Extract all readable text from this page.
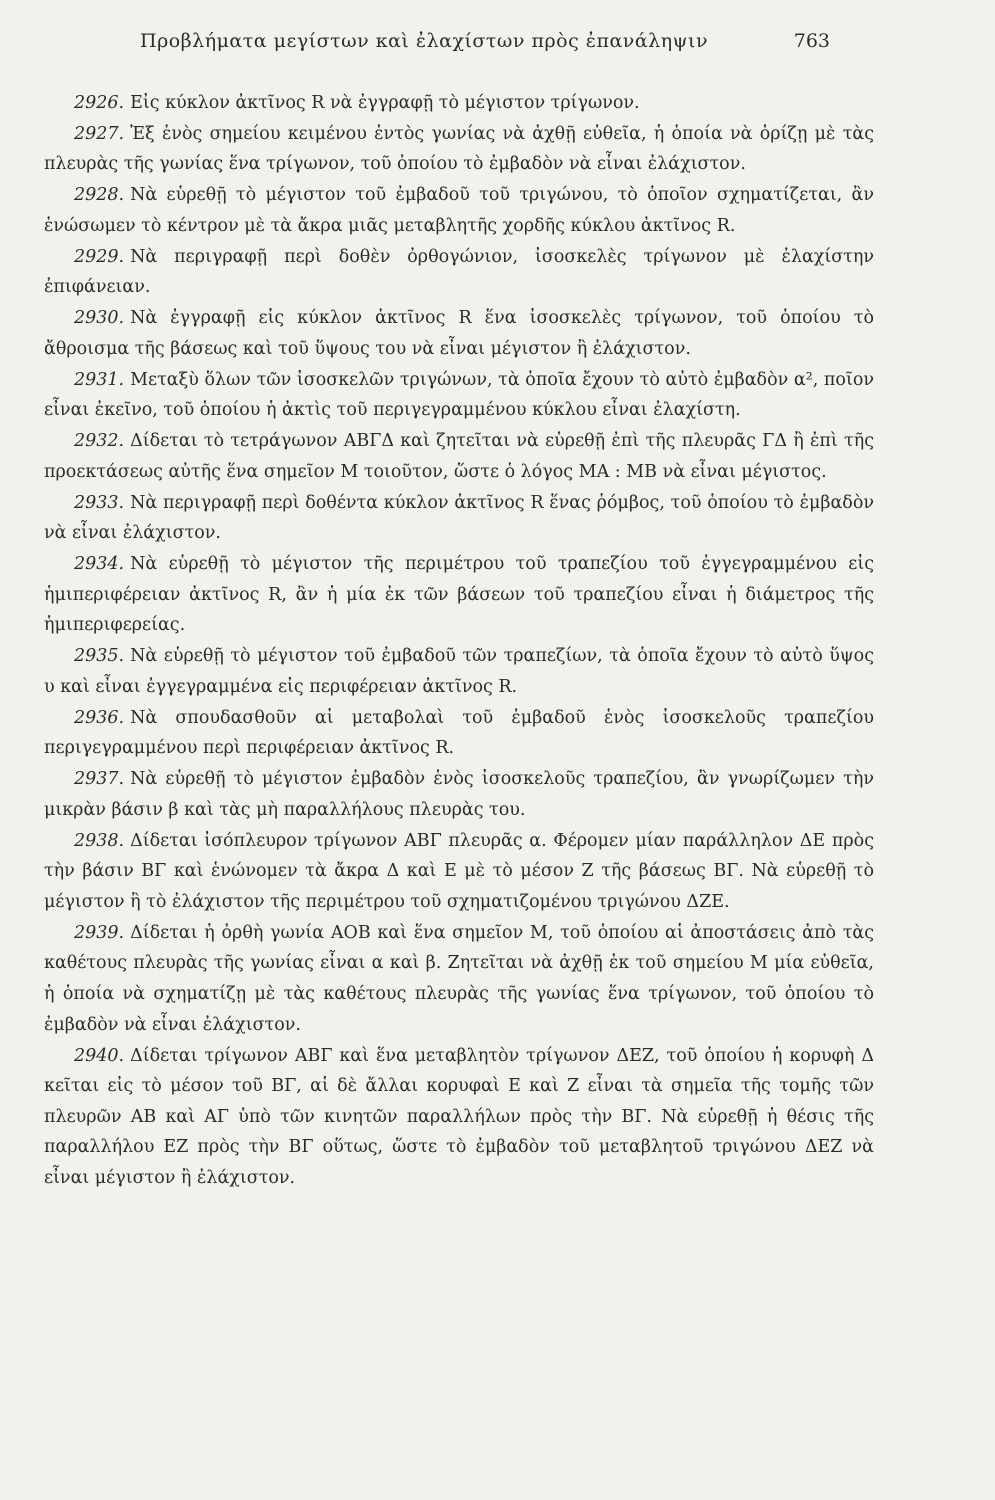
Προβλήματα μεγίστων καὶ ἐλαχίστων πρὸς ἐπανάληψιν	763

2926. Εἰς κύκλον ἀκτῖνος R νὰ ἐγγραφῇ τὸ μέγιστον τρίγωνον.

2927. Ἐξ ἑνὸς σημείου κειμένου ἐντὸς γωνίας νὰ ἀχθῇ εὐθεῖα, ἡ ὁποία νὰ ὁρίζῃ μὲ τὰς πλευρὰς τῆς γωνίας ἕνα τρίγωνον, τοῦ ὁποίου τὸ ἐμβαδὸν νὰ εἶναι ἐλάχιστον.

2928. Νὰ εὑρεθῇ τὸ μέγιστον τοῦ ἐμβαδοῦ τοῦ τριγώνου, τὸ ὁποῖον σχηματίζεται, ἂν ἑνώσωμεν τὸ κέντρον μὲ τὰ ἄκρα μιᾶς μεταβλητῆς χορδῆς κύκλου ἀκτῖνος R.

2929. Νὰ περιγραφῇ περὶ δοθὲν ὀρθογώνιον, ἰσοσκελὲς τρίγωνον μὲ ἐλαχίστην ἐπιφάνειαν.

2930. Νὰ ἐγγραφῇ εἰς κύκλον ἀκτῖνος R ἕνα ἰσοσκελὲς τρίγωνον, τοῦ ὁποίου τὸ ἄθροισμα τῆς βάσεως καὶ τοῦ ὕψους του νὰ εἶναι μέγιστον ἢ ἐλάχιστον.

2931. Μεταξὺ ὅλων τῶν ἰσοσκελῶν τριγώνων, τὰ ὁποῖα ἔχουν τὸ αὐτὸ ἐμβαδὸν α², ποῖον εἶναι ἐκεῖνο, τοῦ ὁποίου ἡ ἀκτὶς τοῦ περιγεγραμμένου κύκλου εἶναι ἐλαχίστη.

2932. Δίδεται τὸ τετράγωνον ΑΒΓΔ καὶ ζητεῖται νὰ εὑρεθῇ ἐπὶ τῆς πλευρᾶς ΓΔ ἢ ἐπὶ τῆς προεκτάσεως αὐτῆς ἕνα σημεῖον Μ τοιοῦτον, ὥστε ὁ λόγος ΜΑ : ΜΒ νὰ εἶναι μέγιστος.

2933. Νὰ περιγραφῇ περὶ δοθέντα κύκλον ἀκτῖνος R ἕνας ῥόμβος, τοῦ ὁποίου τὸ ἐμβαδὸν νὰ εἶναι ἐλάχιστον.

2934. Νὰ εὑρεθῇ τὸ μέγιστον τῆς περιμέτρου τοῦ τραπεζίου τοῦ ἐγγεγραμμένου εἰς ἡμιπεριφέρειαν ἀκτῖνος R, ἂν ἡ μία ἐκ τῶν βάσεων τοῦ τραπεζίου εἶναι ἡ διάμετρος τῆς ἡμιπεριφερείας.

2935. Νὰ εὑρεθῇ τὸ μέγιστον τοῦ ἐμβαδοῦ τῶν τραπεζίων, τὰ ὁποῖα ἔχουν τὸ αὐτὸ ὕψος υ καὶ εἶναι ἐγγεγραμμένα εἰς περιφέρειαν ἀκτῖνος R.

2936. Νὰ σπουδασθοῦν αἱ μεταβολαὶ τοῦ ἐμβαδοῦ ἑνὸς ἰσοσκελοῦς τραπεζίου περιγεγραμμένου περὶ περιφέρειαν ἀκτῖνος R.

2937. Νὰ εὑρεθῇ τὸ μέγιστον ἐμβαδὸν ἑνὸς ἰσοσκελοῦς τραπεζίου, ἂν γνωρίζωμεν τὴν μικρὰν βάσιν β καὶ τὰς μὴ παραλλήλους πλευρὰς του.

2938. Δίδεται ἰσόπλευρον τρίγωνον ΑΒΓ πλευρᾶς α. Φέρομεν μίαν παράλληλον ΔΕ πρὸς τὴν βάσιν ΒΓ καὶ ἑνώνομεν τὰ ἄκρα Δ καὶ Ε μὲ τὸ μέσον Ζ τῆς βάσεως ΒΓ. Νὰ εὑρεθῇ τὸ μέγιστον ἢ τὸ ἐλάχιστον τῆς περιμέτρου τοῦ σχηματιζομένου τριγώνου ΔΖΕ.

2939. Δίδεται ἡ ὀρθὴ γωνία ΑΟΒ καὶ ἕνα σημεῖον Μ, τοῦ ὁποίου αἱ ἀποστάσεις ἀπὸ τὰς καθέτους πλευρὰς τῆς γωνίας εἶναι α καὶ β. Ζητεῖται νὰ ἀχθῇ ἐκ τοῦ σημείου Μ μία εὐθεῖα, ἡ ὁποία νὰ σχηματίζῃ μὲ τὰς καθέτους πλευρὰς τῆς γωνίας ἕνα τρίγωνον, τοῦ ὁποίου τὸ ἐμβαδὸν νὰ εἶναι ἐλάχιστον.

2940. Δίδεται τρίγωνον ΑΒΓ καὶ ἕνα μεταβλητὸν τρίγωνον ΔΕΖ, τοῦ ὁποίου ἡ κορυφὴ Δ κεῖται εἰς τὸ μέσον τοῦ ΒΓ, αἱ δὲ ἄλλαι κορυφαὶ Ε καὶ Ζ εἶναι τὰ σημεῖα τῆς τομῆς τῶν πλευρῶν ΑΒ καὶ ΑΓ ὑπὸ τῶν κινητῶν παραλλήλων πρὸς τὴν ΒΓ. Νὰ εὑρεθῇ ἡ θέσις τῆς παραλλήλου ΕΖ πρὸς τὴν ΒΓ οὕτως, ὥστε τὸ ἐμβαδὸν τοῦ μεταβλητοῦ τριγώνου ΔΕΖ νὰ εἶναι μέγιστον ἢ ἐλάχιστον.
